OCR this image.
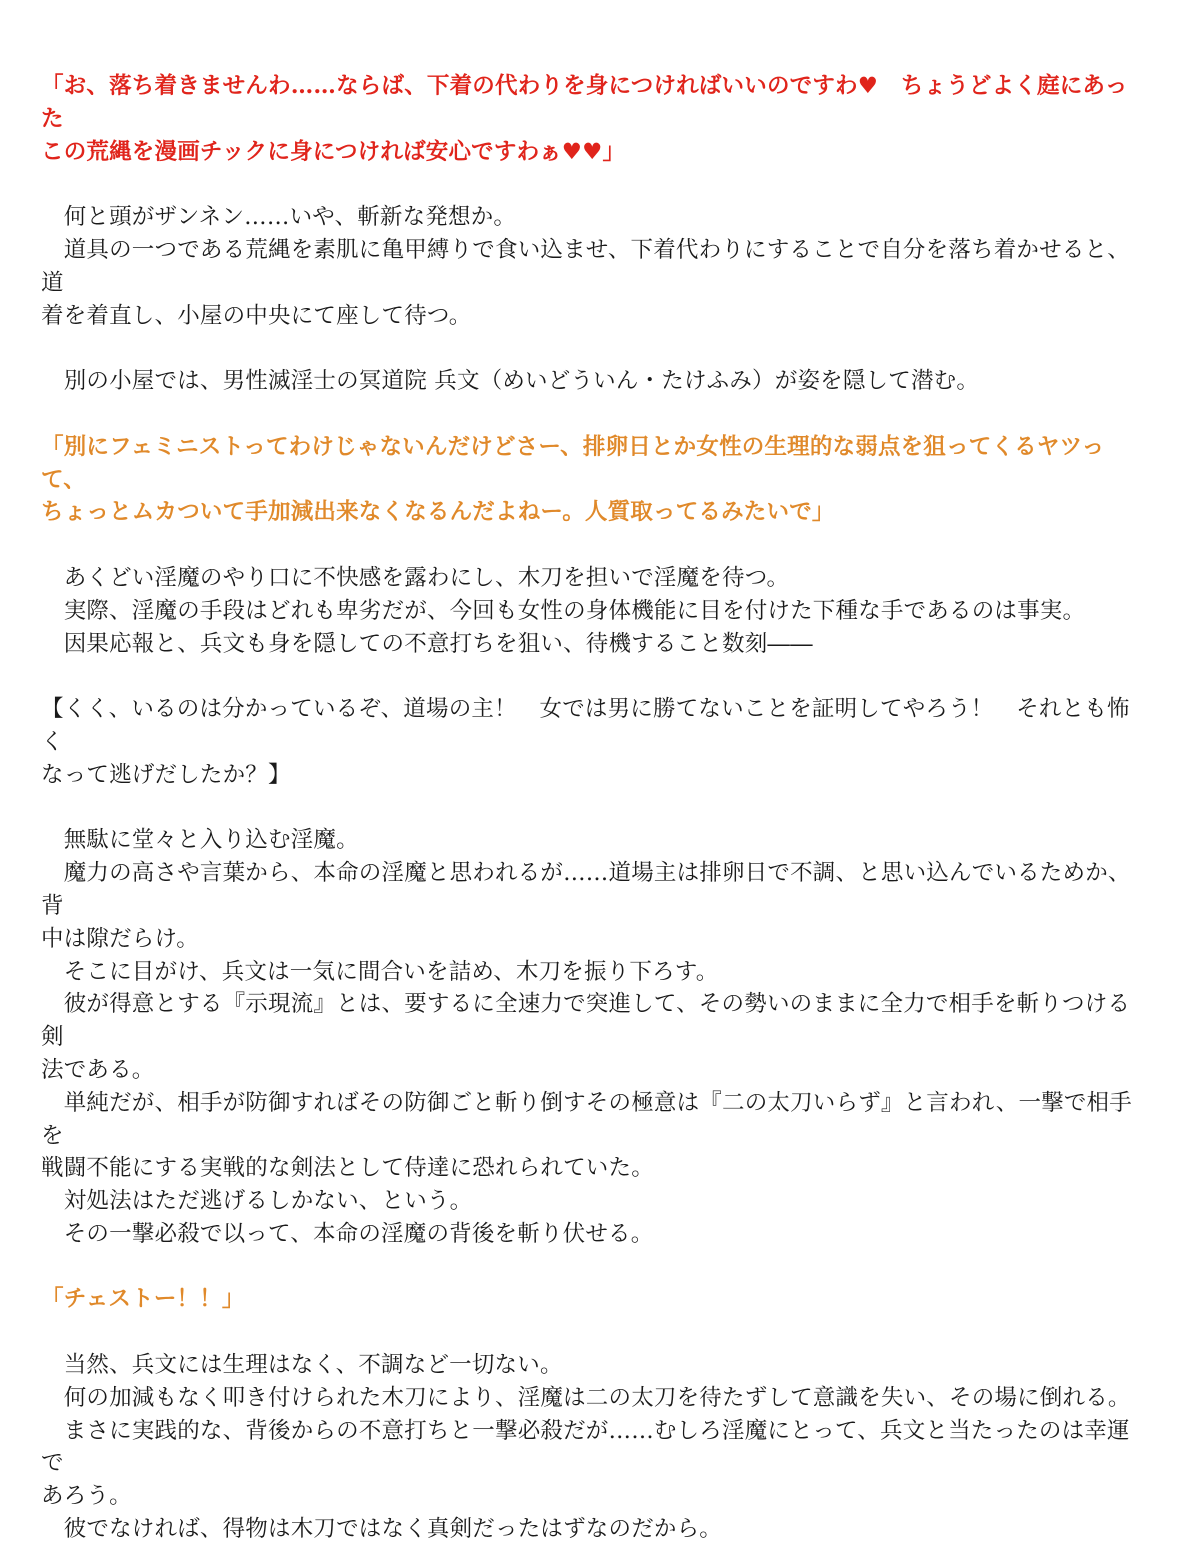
「お、落ち着きませんわ……ならば、下着の代わりを身につければいいのですわ♥　ちょうどよく庭にあった
この荒縄を漫画チックに身につければ安心ですわぁ♥♥」

　何と頭がザンネン……いや、斬新な発想か。
　道具の一つである荒縄を素肌に亀甲縛りで食い込ませ、下着代わりにすることで自分を落ち着かせると、道
着を着直し、小屋の中央にて座して待つ。

　別の小屋では、男性滅淫士の冥道院 兵文（めいどういん・たけふみ）が姿を隠して潜む。

「別にフェミニストってわけじゃないんだけどさー、排卵日とか女性の生理的な弱点を狙ってくるヤツって、
ちょっとムカついて手加減出来なくなるんだよねー。人質取ってるみたいで」

　あくどい淫魔のやり口に不快感を露わにし、木刀を担いで淫魔を待つ。
　実際、淫魔の手段はどれも卑劣だが、今回も女性の身体機能に目を付けた下種な手であるのは事実。
　因果応報と、兵文も身を隠しての不意打ちを狙い、待機すること数刻――

【くく、いるのは分かっているぞ、道場の主！　女では男に勝てないことを証明してやろう！　それとも怖く
なって逃げだしたか？】

　無駄に堂々と入り込む淫魔。
　魔力の高さや言葉から、本命の淫魔と思われるが……道場主は排卵日で不調、と思い込んでいるためか、背
中は隙だらけ。
　そこに目がけ、兵文は一気に間合いを詰め、木刀を振り下ろす。
　彼が得意とする『示現流』とは、要するに全速力で突進して、その勢いのままに全力で相手を斬りつける剣
法である。
　単純だが、相手が防御すればその防御ごと斬り倒すその極意は『二の太刀いらず』と言われ、一撃で相手を
戦闘不能にする実戦的な剣法として侍達に恐れられていた。
　対処法はただ逃げるしかない、という。
　その一撃必殺で以って、本命の淫魔の背後を斬り伏せる。

「チェストー！！」

　当然、兵文には生理はなく、不調など一切ない。
　何の加減もなく叩き付けられた木刀により、淫魔は二の太刀を待たずして意識を失い、その場に倒れる。
　まさに実践的な、背後からの不意打ちと一撃必殺だが……むしろ淫魔にとって、兵文と当たったのは幸運で
あろう。
　彼でなければ、得物は木刀ではなく真剣だったはずなのだから。
